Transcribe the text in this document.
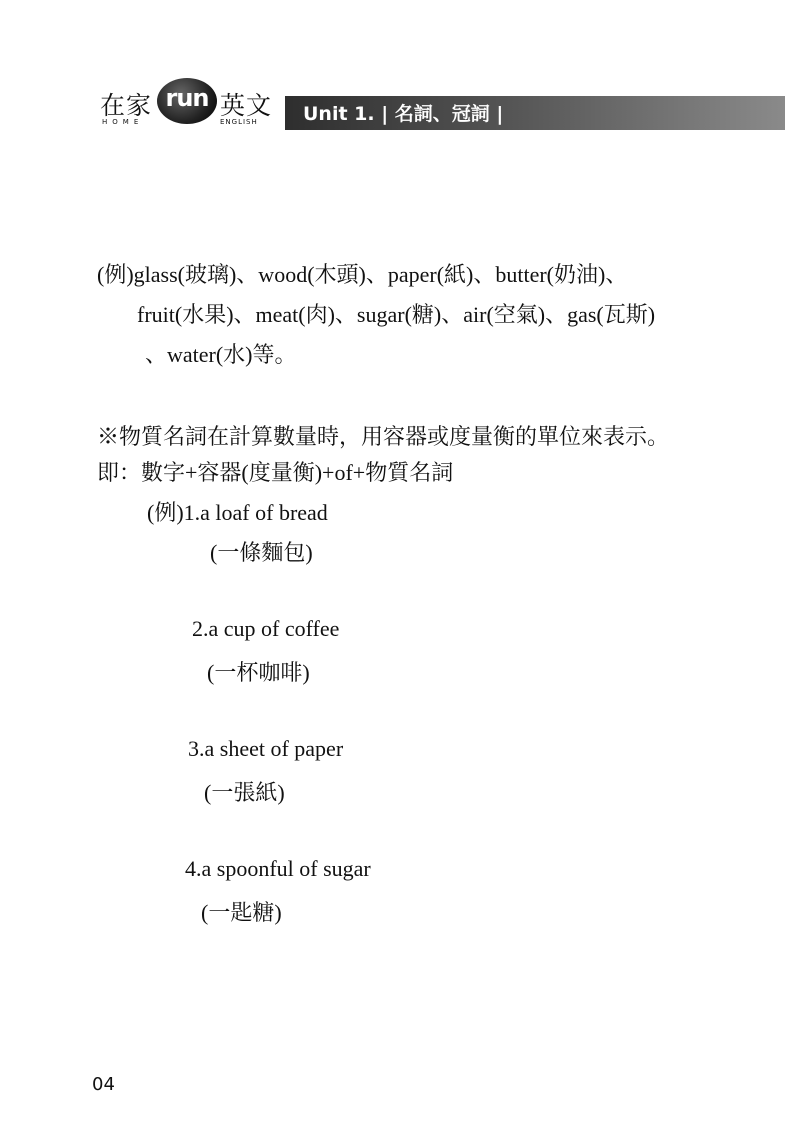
在家 run 英文
HOME	ENGLISH Unit 1. | 名詞、冠詞 |
(例)glass(玻璃)、wood(木頭)、paper(紙)、butter(奶油)、
fruit(水果)、meat(肉)、sugar(糖)、air(空氣)、gas(瓦斯)
、water(水)等。
※物質名詞在計算數量時，用容器或度量衡的單位來表示。
即：數字+容器(度量衡)+of+物質名詞
(例)1.a loaf of bread
(一條麵包)
2.a cup of coffee
(一杯咖啡)
3.a sheet of paper
(一張紙)
4.a spoonful of sugar
(一匙糖)
04
